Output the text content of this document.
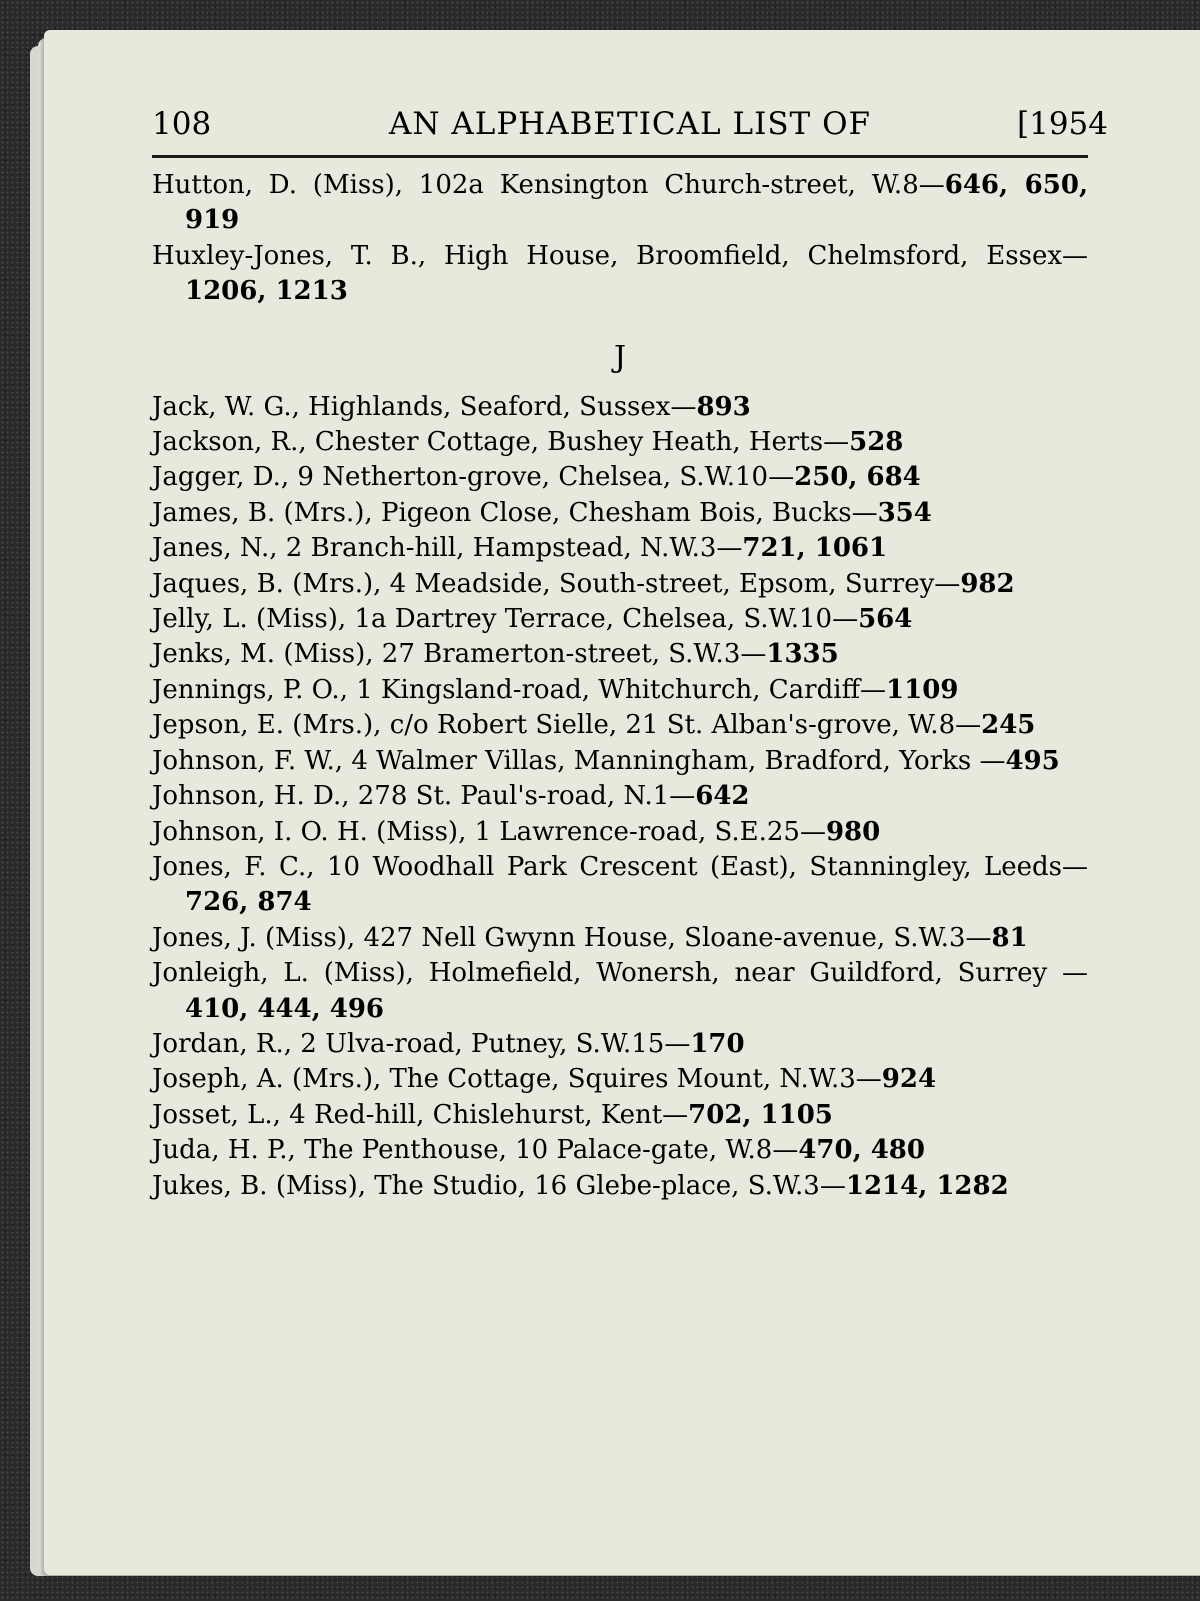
108	AN ALPHABETICAL LIST OF	[1954
Hutton, D. (Miss), 102a Kensington Church-street, W.8—646, 650, 919
Huxley-Jones, T. B., High House, Broomfield, Chelmsford, Essex—1206, 1213
J
Jack, W. G., Highlands, Seaford, Sussex—893
Jackson, R., Chester Cottage, Bushey Heath, Herts—528
Jagger, D., 9 Netherton-grove, Chelsea, S.W.10—250, 684
James, B. (Mrs.), Pigeon Close, Chesham Bois, Bucks—354
Janes, N., 2 Branch-hill, Hampstead, N.W.3—721, 1061
Jaques, B. (Mrs.), 4 Meadside, South-street, Epsom, Surrey—982
Jelly, L. (Miss), 1a Dartrey Terrace, Chelsea, S.W.10—564
Jenks, M. (Miss), 27 Bramerton-street, S.W.3—1335
Jennings, P. O., 1 Kingsland-road, Whitchurch, Cardiff—1109
Jepson, E. (Mrs.), c/o Robert Sielle, 21 St. Alban's-grove, W.8—245
Johnson, F. W., 4 Walmer Villas, Manningham, Bradford, Yorks —495
Johnson, H. D., 278 St. Paul's-road, N.1—642
Johnson, I. O. H. (Miss), 1 Lawrence-road, S.E.25—980
Jones, F. C., 10 Woodhall Park Crescent (East), Stanningley, Leeds—726, 874
Jones, J. (Miss), 427 Nell Gwynn House, Sloane-avenue, S.W.3—81
Jonleigh, L. (Miss), Holmefield, Wonersh, near Guildford, Surrey —410, 444, 496
Jordan, R., 2 Ulva-road, Putney, S.W.15—170
Joseph, A. (Mrs.), The Cottage, Squires Mount, N.W.3—924
Josset, L., 4 Red-hill, Chislehurst, Kent—702, 1105
Juda, H. P., The Penthouse, 10 Palace-gate, W.8—470, 480
Jukes, B. (Miss), The Studio, 16 Glebe-place, S.W.3—1214, 1282
